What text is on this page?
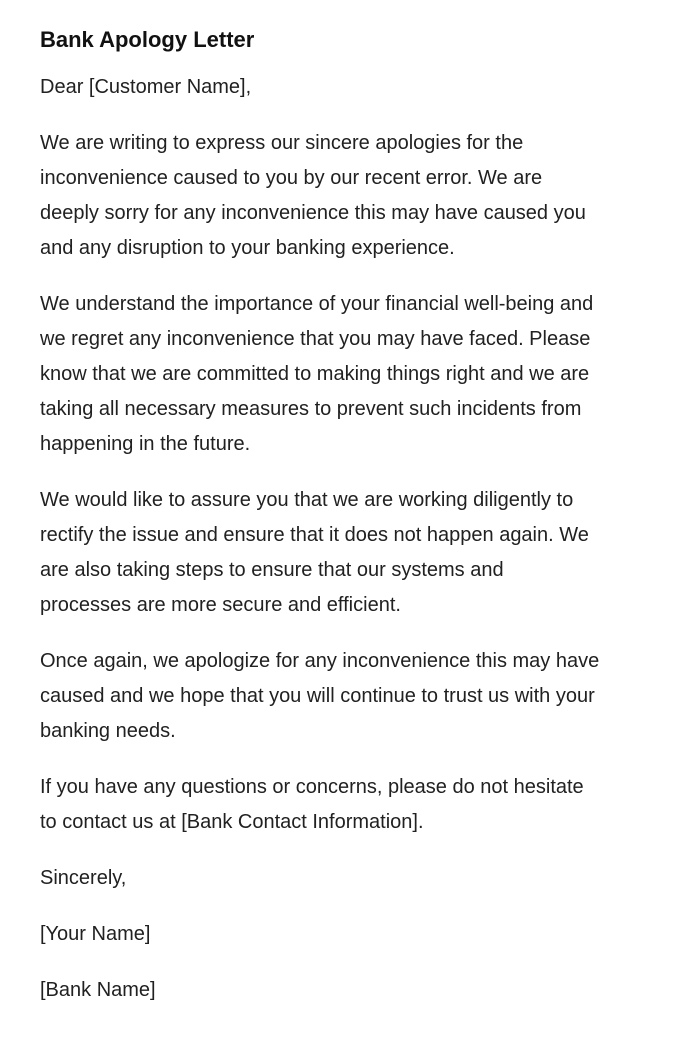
Bank Apology Letter

Dear [Customer Name],

We are writing to express our sincere apologies for the inconvenience caused to you by our recent error. We are deeply sorry for any inconvenience this may have caused you and any disruption to your banking experience.

We understand the importance of your financial well-being and we regret any inconvenience that you may have faced. Please know that we are committed to making things right and we are taking all necessary measures to prevent such incidents from happening in the future.

We would like to assure you that we are working diligently to rectify the issue and ensure that it does not happen again. We are also taking steps to ensure that our systems and processes are more secure and efficient.

Once again, we apologize for any inconvenience this may have caused and we hope that you will continue to trust us with your banking needs.

If you have any questions or concerns, please do not hesitate to contact us at [Bank Contact Information].

Sincerely,

[Your Name]

[Bank Name]
